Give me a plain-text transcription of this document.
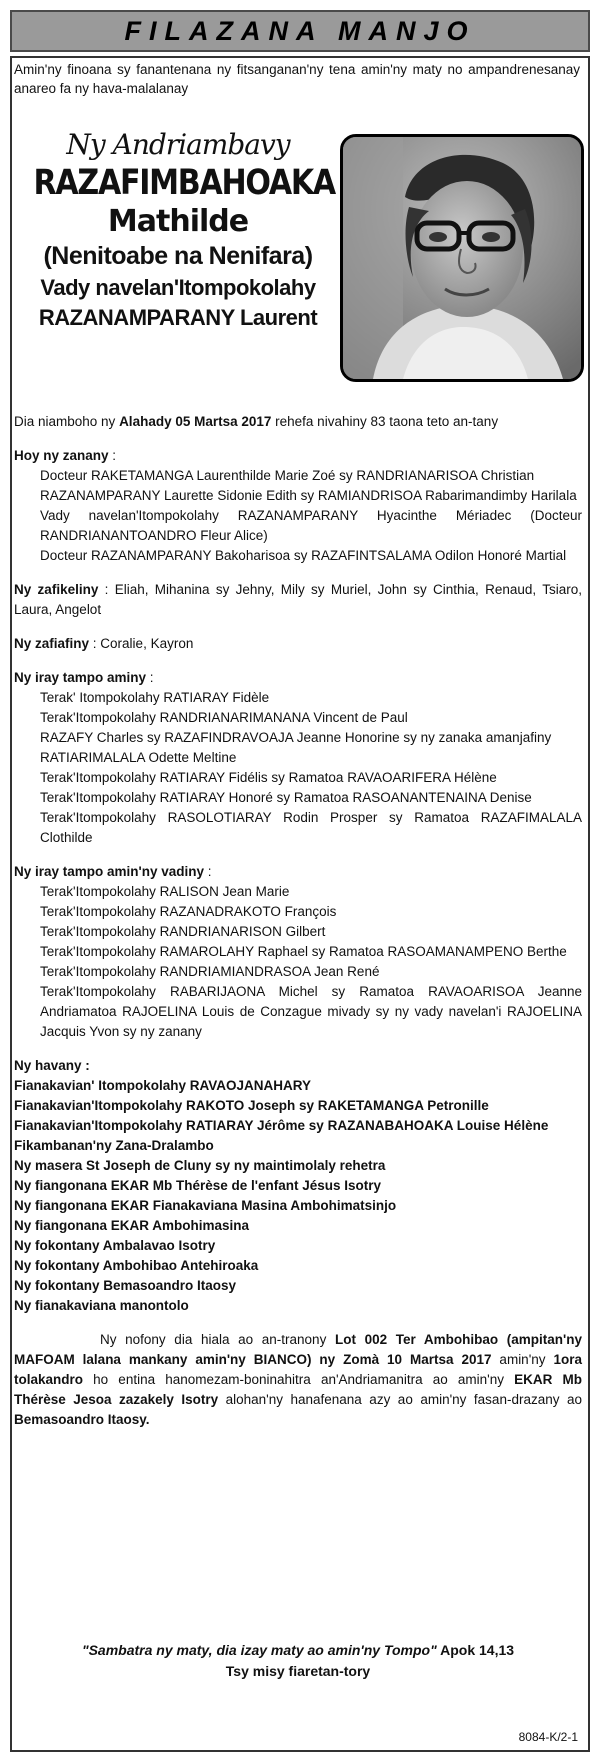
FILAZANA MANJO
Amin'ny finoana sy fanantenana ny fitsanganan'ny tena amin'ny maty no ampandrenesanay anareo fa ny hava-malalanay
Ny Andriambavy
RAZAFIMBAHOAKA
Mathilde
(Nenitoabe na Nenifara)
Vady navelan'Itompokolahy
RAZANAMPARANY Laurent

Dia niamboho ny Alahady 05 Martsa 2017 rehefa nivahiny 83 taona teto an-tany

Hoy ny zanany :

Docteur RAKETAMANGA Laurenthilde Marie Zoé sy RANDRIANARISOA Christian

RAZANAMPARANY Laurette Sidonie Edith sy RAMIANDRISOA Rabarimandimby Harilala

Vady navelan'Itompokolahy RAZANAMPARANY Hyacinthe Mériadec (Docteur RANDRIANANTOANDRO Fleur Alice)

Docteur RAZANAMPARANY Bakoharisoa sy RAZAFINTSALAMA Odilon Honoré Martial

Ny zafikeliny : Eliah, Mihanina sy Jehny, Mily sy Muriel, John sy Cinthia, Renaud, Tsiaro, Laura, Angelot

Ny zafiafiny : Coralie, Kayron

Ny iray tampo aminy :

Terak' Itompokolahy RATIARAY Fidèle

Terak'Itompokolahy RANDRIANARIMANANA Vincent de Paul

RAZAFY Charles sy RAZAFINDRAVOAJA Jeanne Honorine sy ny zanaka amanjafiny

RATIARIMALALA Odette Meltine

Terak'Itompokolahy RATIARAY Fidélis sy Ramatoa RAVAOARIFERA Hélène

Terak'Itompokolahy RATIARAY Honoré sy Ramatoa RASOANANTENAINA Denise

Terak'Itompokolahy RASOLOTIARAY Rodin Prosper sy Ramatoa RAZAFIMALALA Clothilde

Ny iray tampo amin'ny vadiny :

Terak'Itompokolahy RALISON Jean Marie

Terak'Itompokolahy RAZANADRAKOTO François

Terak'Itompokolahy RANDRIANARISON Gilbert

Terak'Itompokolahy RAMAROLAHY Raphael sy Ramatoa RASOAMANAMPENO Berthe

Terak'Itompokolahy RANDRIAMIANDRASOA Jean René

Terak'Itompokolahy RABARIJAONA Michel sy Ramatoa RAVAOARISOA Jeanne Andriamatoa RAJOELINA Louis de Conzague mivady sy ny vady navelan'i RAJOELINA Jacquis Yvon sy ny zanany

Ny havany :

Fianakavian' Itompokolahy RAVAOJANAHARY

Fianakavian'Itompokolahy RAKOTO Joseph sy RAKETAMANGA Petronille

Fianakavian'Itompokolahy RATIARAY Jérôme sy RAZANABAHOAKA Louise Hélène

Fikambanan'ny Zana-Dralambo

Ny masera St Joseph de Cluny sy ny maintimolaly rehetra

Ny fiangonana EKAR Mb Thérèse de l'enfant Jésus Isotry

Ny fiangonana EKAR Fianakaviana Masina Ambohimatsinjo

Ny fiangonana EKAR Ambohimasina

Ny fokontany Ambalavao Isotry

Ny fokontany Ambohibao Antehiroaka

Ny fokontany Bemasoandro Itaosy

Ny fianakaviana manontolo

Ny nofony dia hiala ao an-tranony Lot 002 Ter Ambohibao (ampitan'ny MAFOAM lalana mankany amin'ny BIANCO) ny Zomà 10 Martsa 2017 amin'ny 1ora tolakandro ho entina hanomezam-boninahitra an'Andriamanitra ao amin'ny EKAR Mb Thérèse Jesoa zazakely Isotry alohan'ny hanafenana azy ao amin'ny fasan-drazany ao Bemasoandro Itaosy.

"Sambatra ny maty, dia izay maty ao amin'ny Tompo" Apok 14,13
Tsy misy fiaretan-tory
8084-K/2-1
